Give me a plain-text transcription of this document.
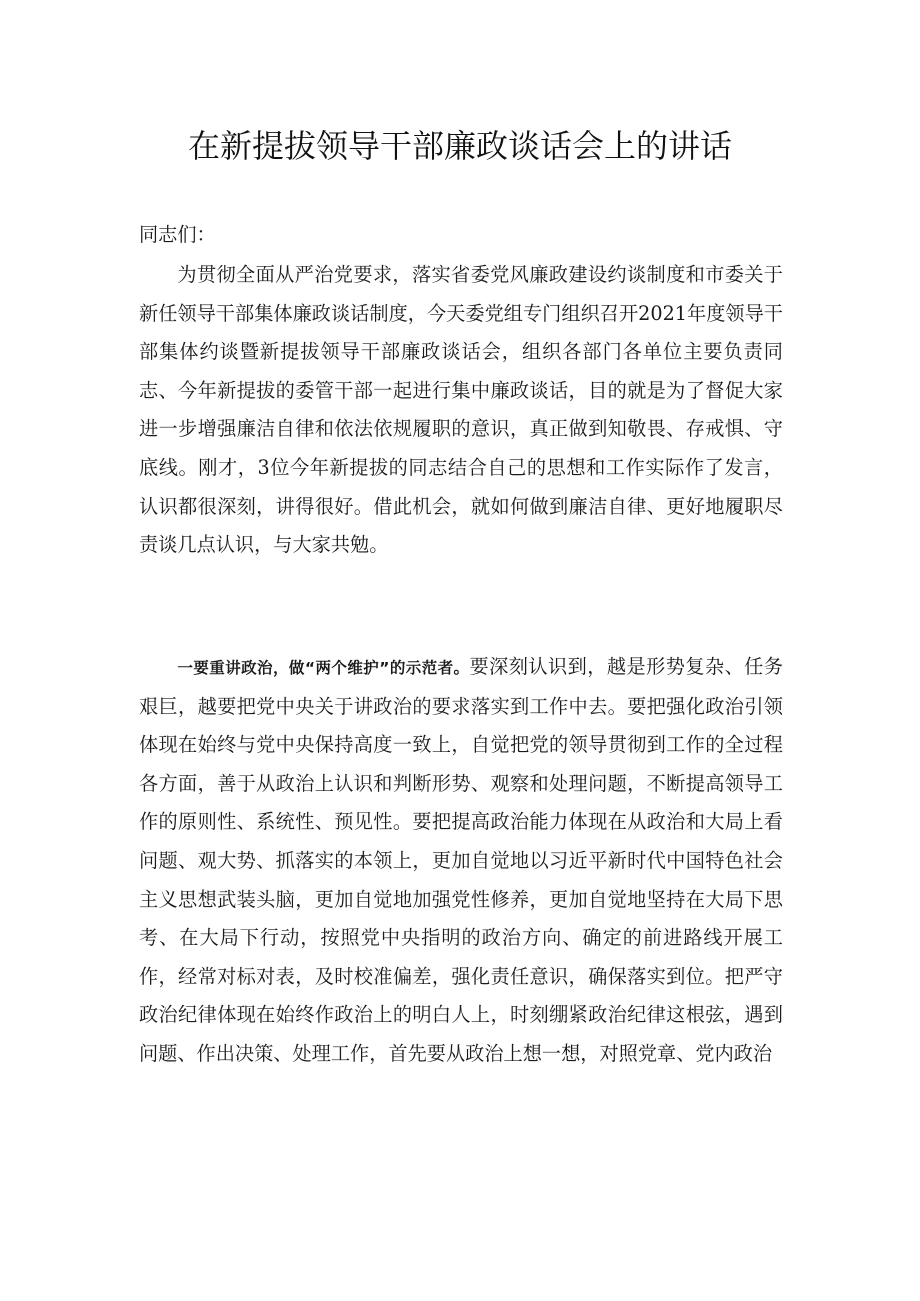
在新提拔领导干部廉政谈话会上的讲话
同志们：
为贯彻全面从严治党要求，落实省委党风廉政建设约谈制度和市委关于新任领导干部集体廉政谈话制度，今天委党组专门组织召开2021年度领导干部集体约谈暨新提拔领导干部廉政谈话会，组织各部门各单位主要负责同志、今年新提拔的委管干部一起进行集中廉政谈话，目的就是为了督促大家进一步增强廉洁自律和依法依规履职的意识，真正做到知敬畏、存戒惧、守底线。刚才，3位今年新提拔的同志结合自己的思想和工作实际作了发言，认识都很深刻，讲得很好。借此机会，就如何做到廉洁自律、更好地履职尽责谈几点认识，与大家共勉。
一要重讲政治，做“两个维护”的示范者。要深刻认识到，越是形势复杂、任务艰巨，越要把党中央关于讲政治的要求落实到工作中去。要把强化政治引领体现在始终与党中央保持高度一致上，自觉把党的领导贯彻到工作的全过程各方面，善于从政治上认识和判断形势、观察和处理问题，不断提高领导工作的原则性、系统性、预见性。要把提高政治能力体现在从政治和大局上看问题、观大势、抓落实的本领上，更加自觉地以习近平新时代中国特色社会主义思想武装头脑，更加自觉地加强党性修养，更加自觉地坚持在大局下思考、在大局下行动，按照党中央指明的政治方向、确定的前进路线开展工作，经常对标对表，及时校准偏差，强化责任意识，确保落实到位。把严守政治纪律体现在始终作政治上的明白人上，时刻绷紧政治纪律这根弦，遇到问题、作出决策、处理工作，首先要从政治上想一想，对照党章、党内政治
